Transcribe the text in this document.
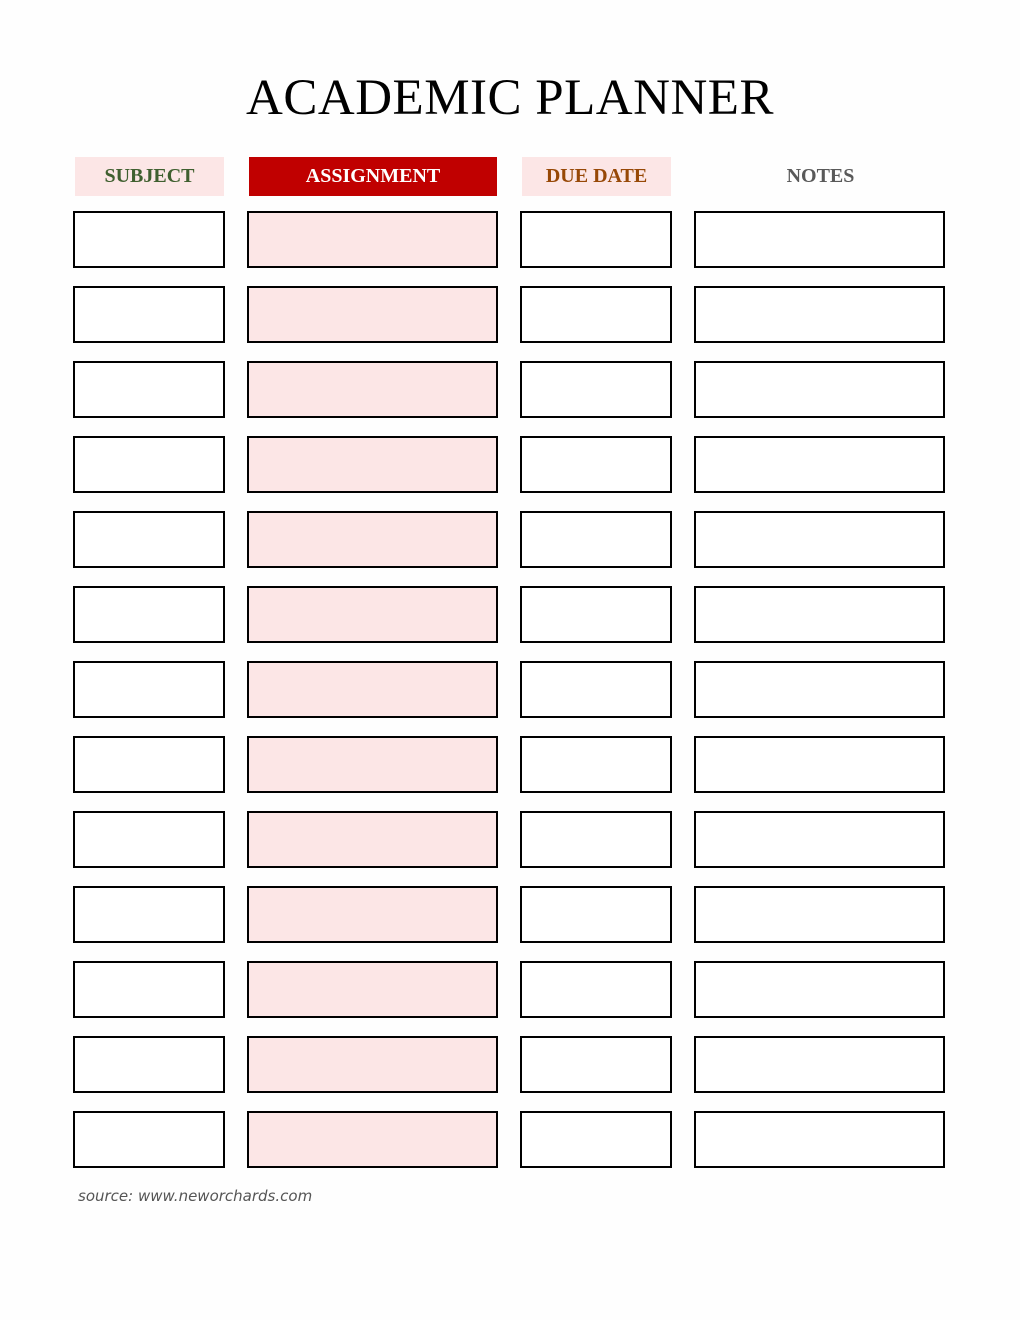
ACADEMIC PLANNER
SUBJECT	ASSIGNMENT	DUE DATE	NOTES
source: www.neworchards.com
